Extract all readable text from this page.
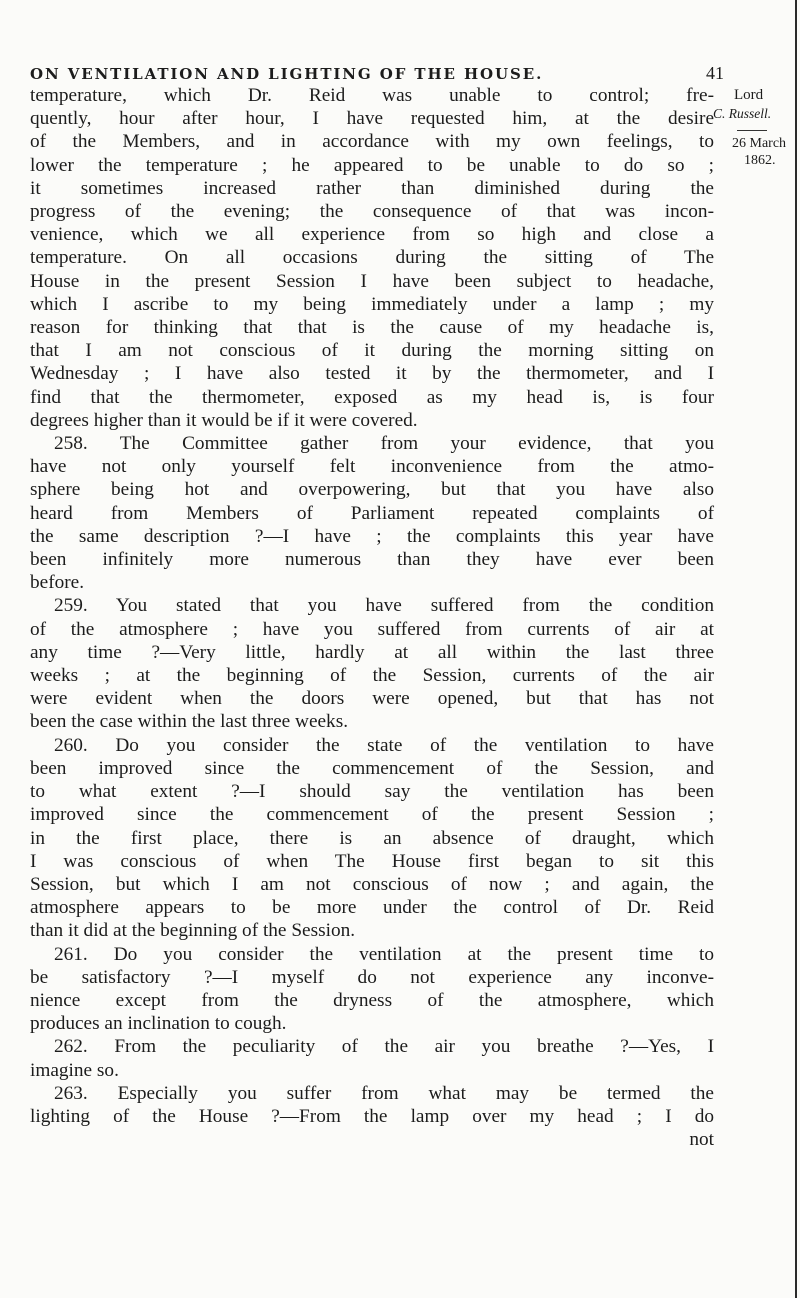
ON VENTILATION AND LIGHTING OF THE HOUSE.	41
Lord
C. Russell.
26 March
1862.
temperature, which Dr. Reid was unable to control; fre-
quently, hour after hour, I have requested him, at the desire
of the Members, and in accordance with my own feelings, to
lower the temperature ; he appeared to be unable to do so ;
it sometimes increased rather than diminished during the
progress of the evening; the consequence of that was incon-
venience, which we all experience from so high and close a
temperature. On all occasions during the sitting of The
House in the present Session I have been subject to headache,
which I ascribe to my being immediately under a lamp ; my
reason for thinking that that is the cause of my headache is,
that I am not conscious of it during the morning sitting on
Wednesday ; I have also tested it by the thermometer, and I
find that the thermometer, exposed as my head is, is four
degrees higher than it would be if it were covered.
258. The Committee gather from your evidence, that you
have not only yourself felt inconvenience from the atmo-
sphere being hot and overpowering, but that you have also
heard from Members of Parliament repeated complaints of
the same description ?—I have ; the complaints this year have
been infinitely more numerous than they have ever been
before.
259. You stated that you have suffered from the condition
of the atmosphere ; have you suffered from currents of air at
any time ?—Very little, hardly at all within the last three
weeks ; at the beginning of the Session, currents of the air
were evident when the doors were opened, but that has not
been the case within the last three weeks.
260. Do you consider the state of the ventilation to have
been improved since the commencement of the Session, and
to what extent ?—I should say the ventilation has been
improved since the commencement of the present Session ;
in the first place, there is an absence of draught, which
I was conscious of when The House first began to sit this
Session, but which I am not conscious of now ; and again, the
atmosphere appears to be more under the control of Dr. Reid
than it did at the beginning of the Session.
261. Do you consider the ventilation at the present time to
be satisfactory ?—I myself do not experience any inconve-
nience except from the dryness of the atmosphere, which
produces an inclination to cough.
262. From the peculiarity of the air you breathe ?—Yes, I
imagine so.
263. Especially you suffer from what may be termed the
lighting of the House ?—From the lamp over my head ; I do
not
